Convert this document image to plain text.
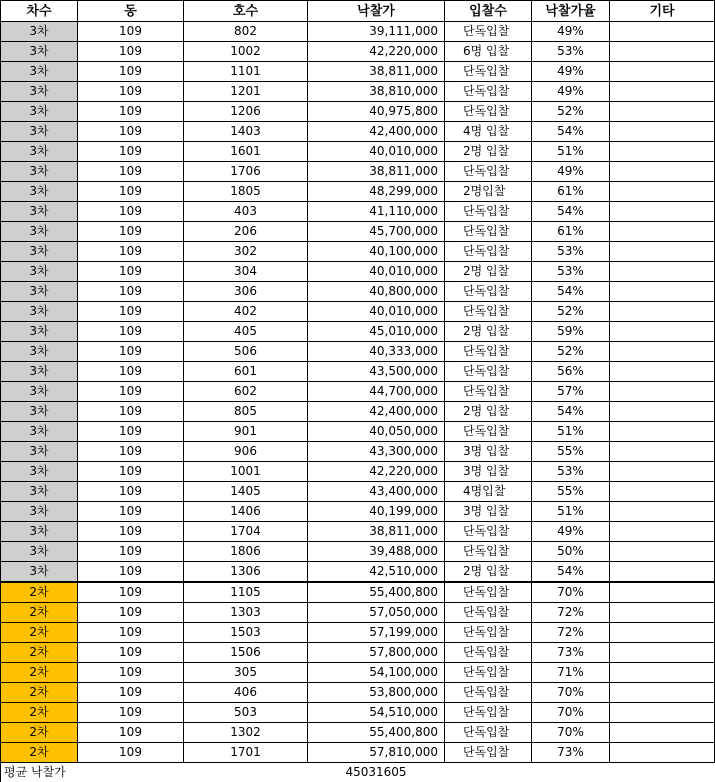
차수	동	호수	낙찰가	입찰수	낙찰가율	기타
3차	109	802	39,111,000	단독입찰	49%	
3차	109	1002	42,220,000	6명 입찰	53%	
3차	109	1101	38,811,000	단독입찰	49%	
3차	109	1201	38,810,000	단독입찰	49%	
3차	109	1206	40,975,800	단독입찰	52%	
3차	109	1403	42,400,000	4명 입찰	54%	
3차	109	1601	40,010,000	2명 입찰	51%	
3차	109	1706	38,811,000	단독입찰	49%	
3차	109	1805	48,299,000	2명입찰	61%	
3차	109	403	41,110,000	단독입찰	54%	
3차	109	206	45,700,000	단독입찰	61%	
3차	109	302	40,100,000	단독입찰	53%	
3차	109	304	40,010,000	2명 입찰	53%	
3차	109	306	40,800,000	단독입찰	54%	
3차	109	402	40,010,000	단독입찰	52%	
3차	109	405	45,010,000	2명 입찰	59%	
3차	109	506	40,333,000	단독입찰	52%	
3차	109	601	43,500,000	단독입찰	56%	
3차	109	602	44,700,000	단독입찰	57%	
3차	109	805	42,400,000	2명 입찰	54%	
3차	109	901	40,050,000	단독입찰	51%	
3차	109	906	43,300,000	3명 입찰	55%	
3차	109	1001	42,220,000	3명 입찰	53%	
3차	109	1405	43,400,000	4명입찰	55%	
3차	109	1406	40,199,000	3명 입찰	51%	
3차	109	1704	38,811,000	단독입찰	49%	
3차	109	1806	39,488,000	단독입찰	50%	
3차	109	1306	42,510,000	2명 입찰	54%	
2차	109	1105	55,400,800	단독입찰	70%	
2차	109	1303	57,050,000	단독입찰	72%	
2차	109	1503	57,199,000	단독입찰	72%	
2차	109	1506	57,800,000	단독입찰	73%	
2차	109	305	54,100,000	단독입찰	71%	
2차	109	406	53,800,000	단독입찰	70%	
2차	109	503	54,510,000	단독입찰	70%	
2차	109	1302	55,400,800	단독입찰	70%	
2차	109	1701	57,810,000	단독입찰	73%	
평균 낙찰가			45031605			
